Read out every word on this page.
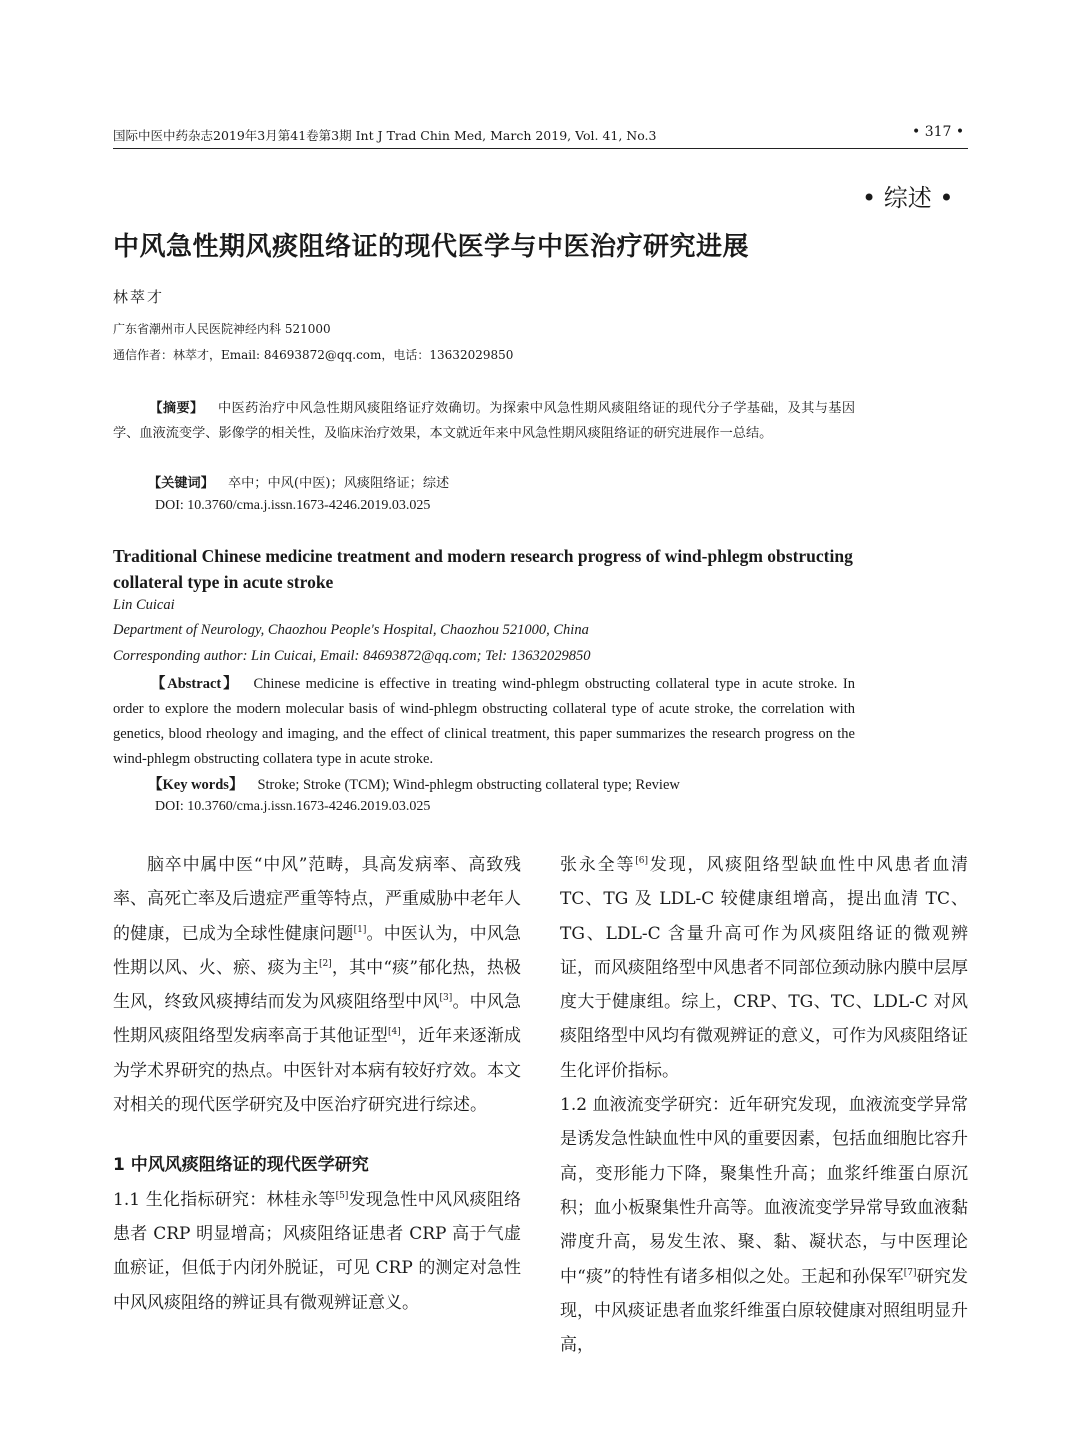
国际中医中药杂志2019年3月第41卷第3期 Int J Trad Chin Med, March 2019, Vol. 41, No.3	• 317 •
• 综述 •
中风急性期风痰阻络证的现代医学与中医治疗研究进展
林萃才
广东省潮州市人民医院神经内科 521000
通信作者：林萃才，Email: 84693872@qq.com，电话：13632029850
【摘要】 中医药治疗中风急性期风痰阻络证疗效确切。为探索中风急性期风痰阻络证的现代分子学基础，及其与基因学、血液流变学、影像学的相关性，及临床治疗效果，本文就近年来中风急性期风痰阻络证的研究进展作一总结。
【关键词】 卒中；中风(中医)；风痰阻络证；综述
DOI: 10.3760/cma.j.issn.1673-4246.2019.03.025
Traditional Chinese medicine treatment and modern research progress of wind-phlegm obstructing collateral type in acute stroke
Lin Cuicai
Department of Neurology, Chaozhou People's Hospital, Chaozhou 521000, China
Corresponding author: Lin Cuicai, Email: 84693872@qq.com; Tel: 13632029850
【Abstract】 Chinese medicine is effective in treating wind-phlegm obstructing collateral type in acute stroke. In order to explore the modern molecular basis of wind-phlegm obstructing collateral type of acute stroke, the correlation with genetics, blood rheology and imaging, and the effect of clinical treatment, this paper summarizes the research progress on the wind-phlegm obstructing collatera type in acute stroke.
【Key words】 Stroke; Stroke (TCM); Wind-phlegm obstructing collateral type; Review
DOI: 10.3760/cma.j.issn.1673-4246.2019.03.025

脑卒中属中医“中风”范畴，具高发病率、高致残率、高死亡率及后遗症严重等特点，严重威胁中老年人的健康，已成为全球性健康问题[1]。中医认为，中风急性期以风、火、瘀、痰为主[2]，其中“痰”郁化热，热极生风，终致风痰搏结而发为风痰阻络型中风[3]。中风急性期风痰阻络型发病率高于其他证型[4]，近年来逐渐成为学术界研究的热点。中医针对本病有较好疗效。本文对相关的现代医学研究及中医治疗研究进行综述。

1 中风风痰阻络证的现代医学研究

1.1 生化指标研究：林桂永等[5]发现急性中风风痰阻络患者 CRP 明显增高；风痰阻络证患者 CRP 高于气虚血瘀证，但低于内闭外脱证，可见 CRP 的测定对急性中风风痰阻络的辨证具有微观辨证意义。

张永全等[6]发现，风痰阻络型缺血性中风患者血清 TC、TG 及 LDL-C 较健康组增高，提出血清 TC、TG、LDL-C 含量升高可作为风痰阻络证的微观辨证，而风痰阻络型中风患者不同部位颈动脉内膜中层厚度大于健康组。综上，CRP、TG、TC、LDL-C 对风痰阻络型中风均有微观辨证的意义，可作为风痰阻络证生化评价指标。

1.2 血液流变学研究：近年研究发现，血液流变学异常是诱发急性缺血性中风的重要因素，包括血细胞比容升高，变形能力下降，聚集性升高；血浆纤维蛋白原沉积；血小板聚集性升高等。血液流变学异常导致血液黏滞度升高，易发生浓、聚、黏、凝状态，与中医理论中“痰”的特性有诸多相似之处。王起和孙保军[7]研究发现，中风痰证患者血浆纤维蛋白原较健康对照组明显升高，
